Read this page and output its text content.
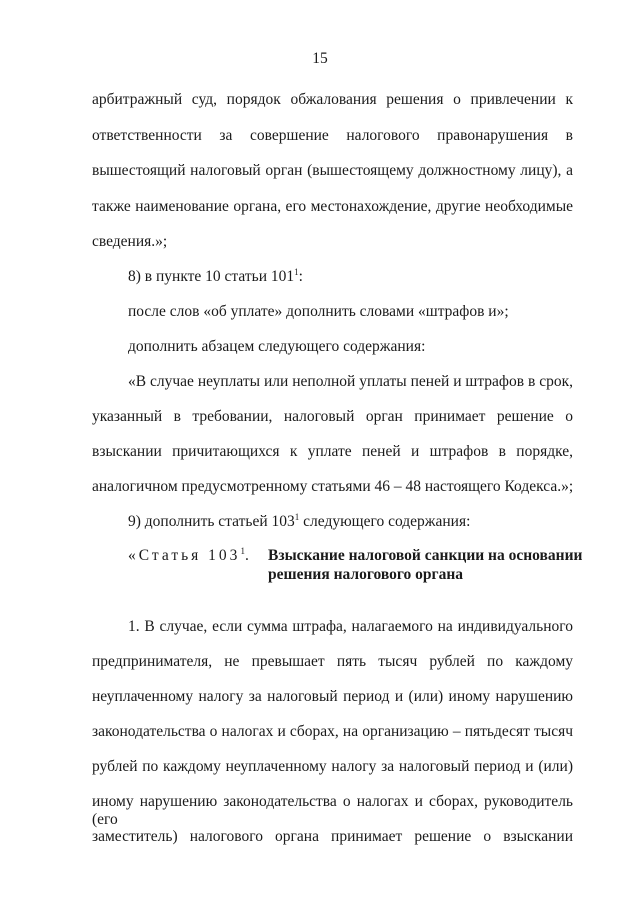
15
арбитражный суд, порядок обжалования решения о привлечении к
ответственности за совершение налогового правонарушения в
вышестоящий налоговый орган (вышестоящему должностному лицу), а
также наименование органа, его местонахождение, другие необходимые
сведения.»;
8) в пункте 10 статьи $101^1$:
после слов «об уплате» дополнить словами «штрафов и»;
дополнить абзацем следующего содержания:
«В случае неуплаты или неполной уплаты пеней и штрафов в срок,
указанный в требовании, налоговый орган принимает решение о
взыскании причитающихся к уплате пеней и штрафов в порядке,
аналогичном предусмотренному статьями 46 – 48 настоящего Кодекса.»;
9) дополнить статьей $103^1$ следующего содержания:
«Статья $103^1$. Взыскание налоговой санкции на основании
решения налогового органа
1. В случае, если сумма штрафа, налагаемого на индивидуального
предпринимателя, не превышает пять тысяч рублей по каждому
неуплаченному налогу за налоговый период и (или) иному нарушению
законодательства о налогах и сборах, на организацию – пятьдесят тысяч
рублей по каждому неуплаченному налогу за налоговый период и (или)
иному нарушению законодательства о налогах и сборах, руководитель (его
заместитель) налогового органа принимает решение о взыскании
